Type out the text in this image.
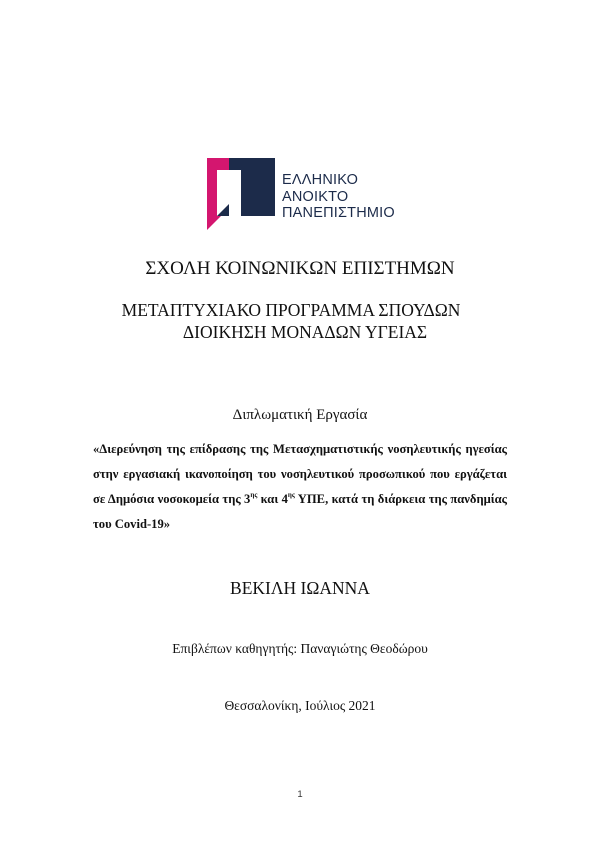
ΕΛΛΗΝΙΚΟ
ΑΝΟΙΚΤΟ
ΠΑΝΕΠΙΣΤΗΜΙΟ
ΣΧΟΛΗ ΚΟΙΝΩΝΙΚΩΝ ΕΠΙΣΤΗΜΩΝ
ΜΕΤΑΠΤΥΧΙΑΚΟ ΠΡΟΓΡΑΜΜΑ ΣΠΟΥΔΩΝ
ΔΙΟΙΚΗΣΗ ΜΟΝΑΔΩΝ ΥΓΕΙΑΣ
Διπλωματική Εργασία
«Διερεύνηση της επίδρασης της Μετασχηματιστικής νοσηλευτικής ηγεσίας στην εργασιακή ικανοποίηση του νοσηλευτικού προσωπικού που εργάζεται σε Δημόσια νοσοκομεία της $3^{\eta\varsigma}$ και $4^{\eta\varsigma}$ ΥΠΕ, κατά τη διάρκεια της πανδημίας του Covid-19»
ΒΕΚΙΛΗ ΙΩΑΝΝΑ
Επιβλέπων καθηγητής: Παναγιώτης Θεοδώρου
Θεσσαλονίκη, Ιούλιος 2021
1
